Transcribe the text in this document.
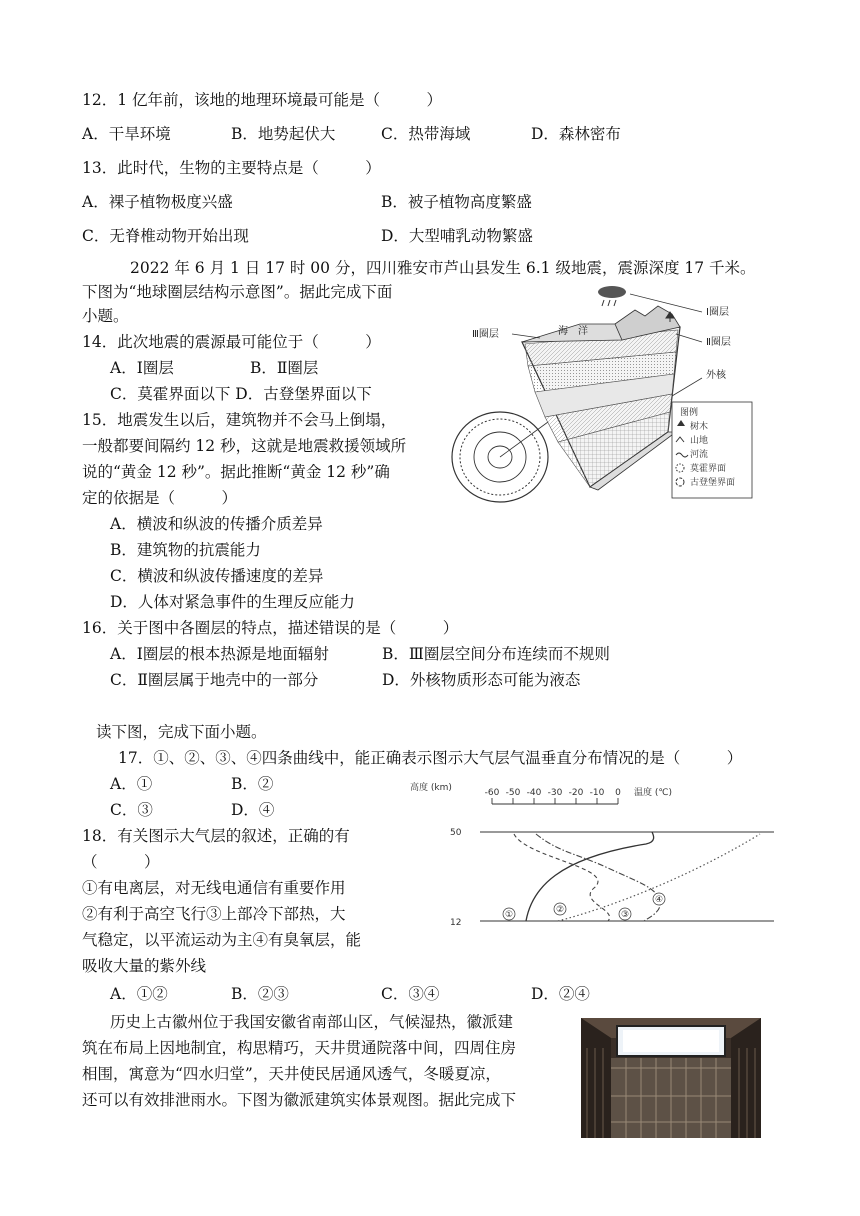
12．1 亿年前，该地的地理环境最可能是（　　　）
A．干旱环境	B．地势起伏大	C．热带海域	D．森林密布
13．此时代，生物的主要特点是（　　　）
A．裸子植物极度兴盛	B．被子植物高度繁盛
C．无脊椎动物开始出现	D．大型哺乳动物繁盛
2022 年 6 月 1 日 17 时 00 分，四川雅安市芦山县发生 6.1 级地震，震源深度 17 千米。
下图为“地球圈层结构示意图”。据此完成下面
小题。
14．此次地震的震源最可能位于（　　　）
A．Ⅰ圈层	B．Ⅱ圈层
C．莫霍界面以下 D．古登堡界面以下
15．地震发生以后，建筑物并不会马上倒塌，
一般都要间隔约 12 秒，这就是地震救援领域所
说的“黄金 12 秒”。据此推断“黄金 12 秒”确
定的依据是（　　　）
A．横波和纵波的传播介质差异
B．建筑物的抗震能力
C．横波和纵波传播速度的差异
D．人体对紧急事件的生理反应能力
16．关于图中各圈层的特点，描述错误的是（　　　）
A．Ⅰ圈层的根本热源是地面辐射	B．Ⅲ圈层空间分布连续而不规则
C．Ⅱ圈层属于地壳中的一部分	D．外核物质形态可能为液态
读下图，完成下面小题。
17．①、②、③、④四条曲线中，能正确表示图示大气层气温垂直分布情况的是（　　　）
A．①	B．②
C．③	D．④
18．有关图示大气层的叙述，正确的有
（　　　）
①有电离层，对无线电通信有重要作用
②有利于高空飞行③上部冷下部热，大
气稳定，以平流运动为主④有臭氧层，能
吸收大量的紫外线
A．①②	B．②③	C．③④	D．②④
历史上古徽州位于我国安徽省南部山区，气候湿热，徽派建
筑在布局上因地制宜，构思精巧，天井贯通院落中间，四周住房
相围，寓意为“四水归堂”，天井使民居通风透气，冬暖夏凉，
还可以有效排泄雨水。下图为徽派建筑实体景观图。据此完成下
海　洋
Ⅰ圈层
Ⅱ圈层
Ⅲ圈层
外核
图例
树木
山地
河流
莫霍界面
古登堡界面
高度 (km)	-60 -50 -40 -30 -20 -10 0 温度 (℃)
50
12
①	②	③
④
